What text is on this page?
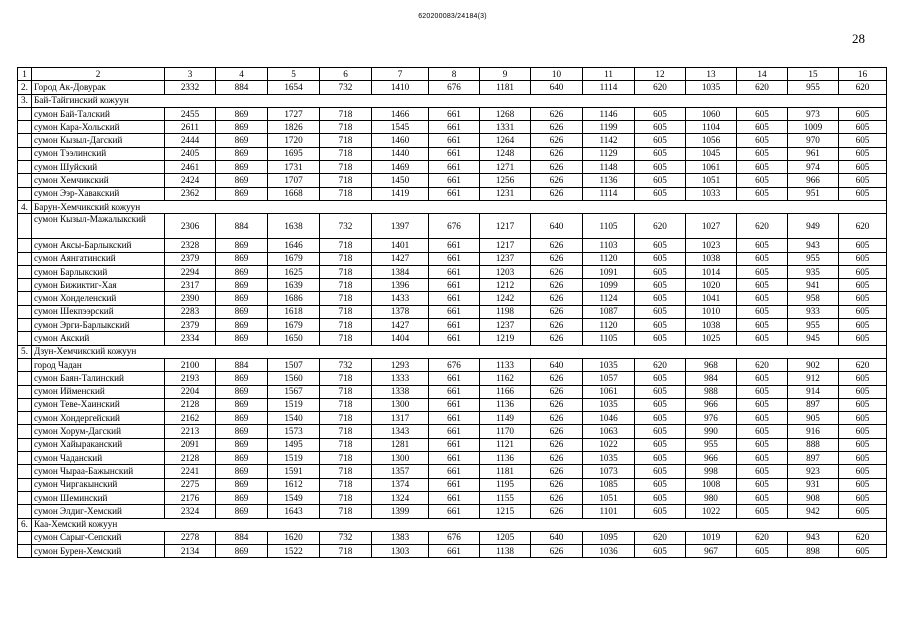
620200083/24184(3)
28
1	2	3	4	5	6	7	8	9	10	11	12	13	14	15	16
2.	Город Ак-Довурак	2332	884	1654	732	1410	676	1181	640	1114	620	1035	620	955	620
3.	Бай-Тайгинский кожуун														
	сумон Бай-Талский	2455	869	1727	718	1466	661	1268	626	1146	605	1060	605	973	605
	сумон Кара-Хольский	2611	869	1826	718	1545	661	1331	626	1199	605	1104	605	1009	605
	сумон Кызыл-Дагский	2444	869	1720	718	1460	661	1264	626	1142	605	1056	605	970	605
	сумон Тээлинский	2405	869	1695	718	1440	661	1248	626	1129	605	1045	605	961	605
	сумон Шуйский	2461	869	1731	718	1469	661	1271	626	1148	605	1061	605	974	605
	сумон Хемчикский	2424	869	1707	718	1450	661	1256	626	1136	605	1051	605	966	605
	сумон Ээр-Хавакский	2362	869	1668	718	1419	661	1231	626	1114	605	1033	605	951	605
4.	Барун-Хемчикский кожуун														
	сумон Кызыл-Мажалыкский	2306	884	1638	732	1397	676	1217	640	1105	620	1027	620	949	620
	сумон Аксы-Барлыкский	2328	869	1646	718	1401	661	1217	626	1103	605	1023	605	943	605
	сумон Аянгатинский	2379	869	1679	718	1427	661	1237	626	1120	605	1038	605	955	605
	сумон Барлыкский	2294	869	1625	718	1384	661	1203	626	1091	605	1014	605	935	605
	сумон Бижиктиг-Хая	2317	869	1639	718	1396	661	1212	626	1099	605	1020	605	941	605
	сумон Хонделенский	2390	869	1686	718	1433	661	1242	626	1124	605	1041	605	958	605
	сумон Шекпээрский	2283	869	1618	718	1378	661	1198	626	1087	605	1010	605	933	605
	сумон Эрги-Барлыкский	2379	869	1679	718	1427	661	1237	626	1120	605	1038	605	955	605
	сумон Акский	2334	869	1650	718	1404	661	1219	626	1105	605	1025	605	945	605
5.	Дзун-Хемчикский кожуун														
	город Чадан	2100	884	1507	732	1293	676	1133	640	1035	620	968	620	902	620
	сумон Баян-Талинский	2193	869	1560	718	1333	661	1162	626	1057	605	984	605	912	605
	сумон Ийменский	2204	869	1567	718	1338	661	1166	626	1061	605	988	605	914	605
	сумон Теве-Хаинский	2128	869	1519	718	1300	661	1136	626	1035	605	966	605	897	605
	сумон Хондергейский	2162	869	1540	718	1317	661	1149	626	1046	605	976	605	905	605
	сумон Хорум-Дагский	2213	869	1573	718	1343	661	1170	626	1063	605	990	605	916	605
	сумон Хайыраканский	2091	869	1495	718	1281	661	1121	626	1022	605	955	605	888	605
	сумон Чаданский	2128	869	1519	718	1300	661	1136	626	1035	605	966	605	897	605
	сумон Чыраа-Бажынский	2241	869	1591	718	1357	661	1181	626	1073	605	998	605	923	605
	сумон Чиргакынский	2275	869	1612	718	1374	661	1195	626	1085	605	1008	605	931	605
	сумон Шеминский	2176	869	1549	718	1324	661	1155	626	1051	605	980	605	908	605
	сумон Элдиг-Хемский	2324	869	1643	718	1399	661	1215	626	1101	605	1022	605	942	605
6.	Каа-Хемский кожуун														
	сумон Сарыг-Сепский	2278	884	1620	732	1383	676	1205	640	1095	620	1019	620	943	620
	сумон Бурен-Хемский	2134	869	1522	718	1303	661	1138	626	1036	605	967	605	898	605
